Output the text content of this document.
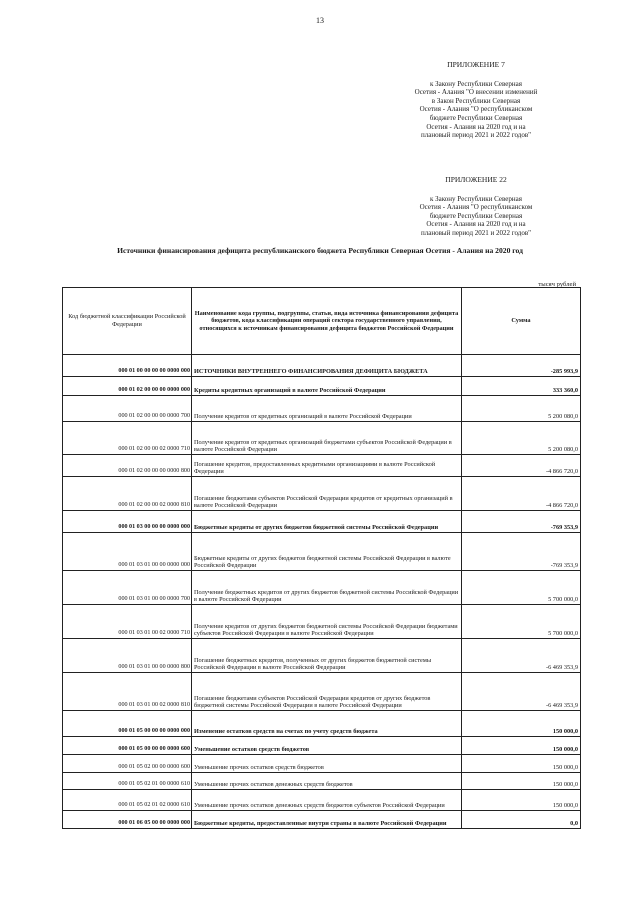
13
ПРИЛОЖЕНИЕ 7
к Закону Республики Северная
Осетия - Алания "О внесении изменений
в Закон Республики Северная
Осетия - Алания "О республиканском
бюджете Республики Северная
Осетия - Алания на 2020 год и на
плановый период 2021 и 2022 годов"
ПРИЛОЖЕНИЕ 22
к Закону Республики Северная
Осетия - Алания "О республиканском
бюджете Республики Северная
Осетия - Алания на 2020 год и на
плановый период 2021 и 2022 годов"
Источники финансирования дефицита республиканского бюджета Республики Северная Осетия - Алания на 2020 год
тысяч рублей
Код бюджетной классификации Российской Федерации	Наименование кода группы, подгруппы, статьи, вида источника финансирования дефицита бюджетов, кода классификации операций сектора государственного управления, относящихся к источникам финансирования дефицита бюджетов Российской Федерации	Сумма
000 01 00 00 00 00 0000 000	ИСТОЧНИКИ ВНУТРЕННЕГО ФИНАНСИРОВАНИЯ ДЕФИЦИТА БЮДЖЕТА	-285 993,9
000 01 02 00 00 00 0000 000	Кредиты кредитных организаций в валюте Российской Федерации	333 360,0
000 01 02 00 00 00 0000 700	Получение кредитов от кредитных организаций в валюте Российской Федерации	5 200 080,0
000 01 02 00 00 02 0000 710	Получение кредитов от кредитных организаций бюджетами субъектов Российской Федерации в валюте Российской Федерации	5 200 080,0
000 01 02 00 00 00 0000 800	Погашение кредитов, предоставленных кредитными организациями в валюте Российской Федерации	-4 866 720,0
000 01 02 00 00 02 0000 810	Погашение бюджетами субъектов Российской Федерации кредитов от кредитных организаций в валюте Российской Федерации	-4 866 720,0
000 01 03 00 00 00 0000 000	Бюджетные кредиты от других бюджетов бюджетной системы Российской Федерации	-769 353,9
000 01 03 01 00 00 0000 000	Бюджетные кредиты от других бюджетов бюджетной системы Российской Федерации в валюте Российской Федерации	-769 353,9
000 01 03 01 00 00 0000 700	Получение бюджетных кредитов от других бюджетов бюджетной системы Российской Федерации в валюте Российской Федерации	5 700 000,0
000 01 03 01 00 02 0000 710	Получение кредитов от других бюджетов бюджетной системы Российской Федерации бюджетами субъектов Российской Федерации в валюте Российской Федерации	5 700 000,0
000 01 03 01 00 00 0000 800	Погашение бюджетных кредитов, полученных от других бюджетов бюджетной системы Российской Федерации в валюте Российской Федерации	-6 469 353,9
000 01 03 01 00 02 0000 810	Погашение бюджетами субъектов Российской Федерации кредитов от других бюджетов бюджетной системы Российской Федерации в валюте Российской Федерации	-6 469 353,9
000 01 05 00 00 00 0000 000	Изменение остатков средств на счетах по учету средств бюджета	150 000,0
000 01 05 00 00 00 0000 600	Уменьшение остатков средств бюджетов	150 000,0
000 01 05 02 00 00 0000 600	Уменьшение прочих остатков средств бюджетов	150 000,0
000 01 05 02 01 00 0000 610	Уменьшение прочих остатков денежных средств бюджетов	150 000,0
000 01 05 02 01 02 0000 610	Уменьшение прочих остатков денежных средств бюджетов субъектов Российской Федерации	150 000,0
000 01 06 05 00 00 0000 000	Бюджетные кредиты, предоставленные внутри страны в валюте Российской Федерации	0,0
